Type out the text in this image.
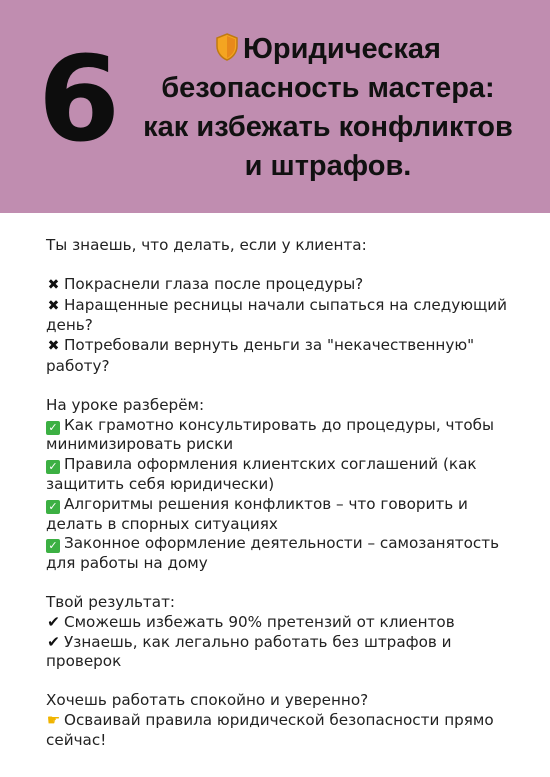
6	Юридическая
безопасность мастера:
как избежать конфликтов
и штрафов.
Ты знаешь, что делать, если у клиента:
✖ Покраснели глаза после процедуры?
✖ Наращенные ресницы начали сыпаться на следующий день?
✖ Потребовали вернуть деньги за "некачественную" работу?
На уроке разберём:
✓ Как грамотно консультировать до процедуры, чтобы минимизировать риски
✓ Правила оформления клиентских соглашений (как защитить себя юридически)
✓ Алгоритмы решения конфликтов – что говорить и делать в спорных ситуациях
✓ Законное оформление деятельности – самозанятость для работы на дому
Твой результат:
✔ Сможешь избежать 90% претензий от клиентов
✔ Узнаешь, как легально работать без штрафов и проверок
Хочешь работать спокойно и уверенно?
☛ Осваивай правила юридической безопасности прямо сейчас!
